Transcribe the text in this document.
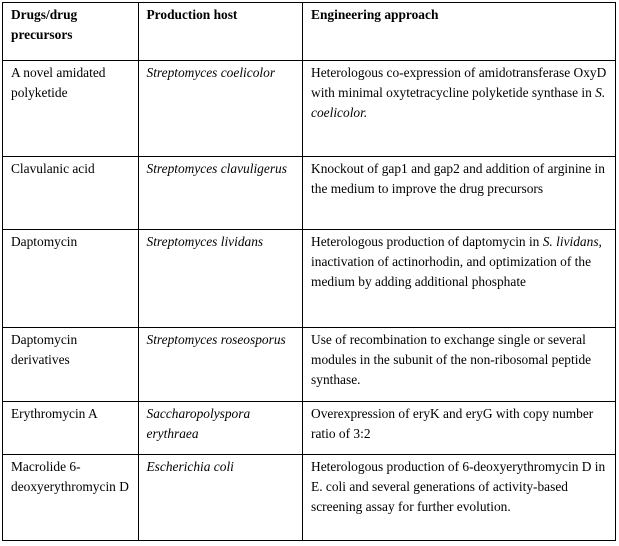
Drugs/drug precursors	Production host	Engineering approach
A novel amidated polyketide	Streptomyces coelicolor	Heterologous co-expression of amidotransferase OxyD with minimal oxytetracycline polyketide synthase in S. coelicolor.
Clavulanic acid	Streptomyces clavuligerus	Knockout of gap1 and gap2 and addition of arginine in the medium to improve the drug precursors
Daptomycin	Streptomyces lividans	Heterologous production of daptomycin in S. lividans, inactivation of actinorhodin, and optimization of the medium by adding additional phosphate
Daptomycin derivatives	Streptomyces roseosporus	Use of recombination to exchange single or several modules in the subunit of the non-ribosomal peptide synthase.
Erythromycin A	Saccharopolyspora erythraea	Overexpression of eryK and eryG with copy number ratio of 3:2
Macrolide 6-deoxyerythromycin D	Escherichia coli	Heterologous production of 6-deoxyerythromycin D in E. coli and several generations of activity-based screening assay for further evolution.
